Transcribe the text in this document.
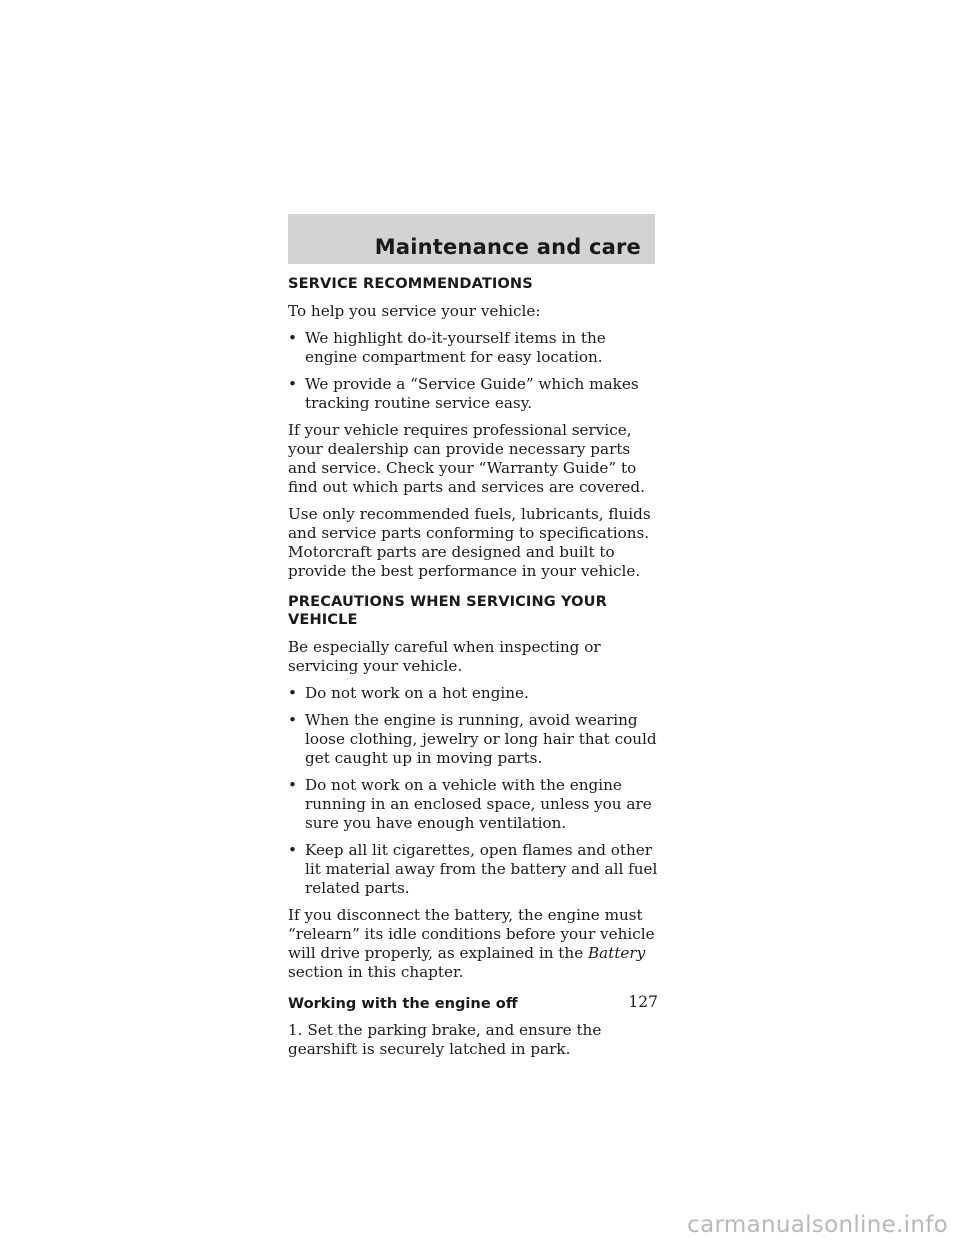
Maintenance and care
SERVICE RECOMMENDATIONS

To help you service your vehicle:

• We highlight do-it-yourself items in the engine compartment for easy location.
• We provide a “Service Guide” which makes tracking routine service easy.

If your vehicle requires professional service, your dealership can provide necessary parts and service. Check your “Warranty Guide” to find out which parts and services are covered.

Use only recommended fuels, lubricants, fluids and service parts conforming to specifications. Motorcraft parts are designed and built to provide the best performance in your vehicle.

PRECAUTIONS WHEN SERVICING YOUR
VEHICLE

Be especially careful when inspecting or servicing your vehicle.

• Do not work on a hot engine.
• When the engine is running, avoid wearing loose clothing, jewelry or long hair that could get caught up in moving parts.
• Do not work on a vehicle with the engine running in an enclosed space, unless you are sure you have enough ventilation.
• Keep all lit cigarettes, open flames and other lit material away from the battery and all fuel related parts.

If you disconnect the battery, the engine must “relearn” its idle conditions before your vehicle will drive properly, as explained in the Battery section in this chapter.

Working with the engine off

1. Set the parking brake, and ensure the gearshift is securely latched in park.

127
carmanualsonline.info
